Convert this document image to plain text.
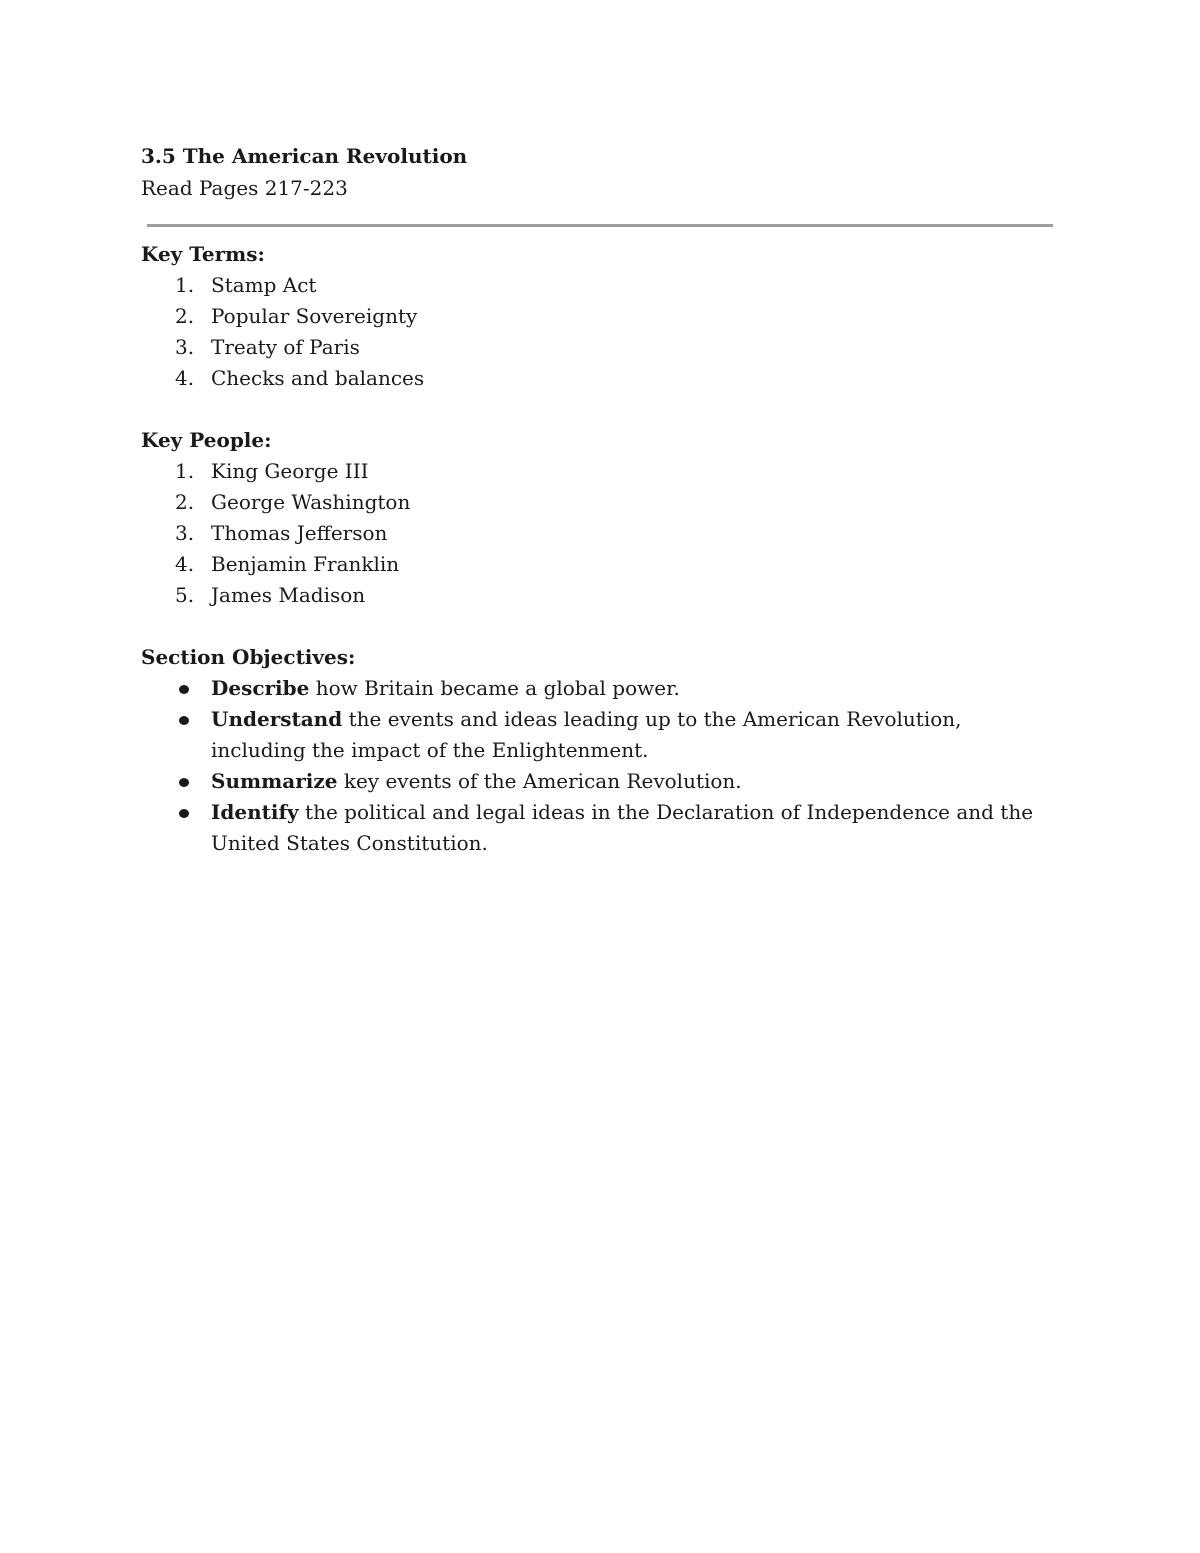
3.5 The American Revolution

Read Pages 217-223

Key Terms:

1. Stamp Act
2. Popular Sovereignty
3. Treaty of Paris
4. Checks and balances

Key People:

1. King George III
2. George Washington
3. Thomas Jefferson
4. Benjamin Franklin
5. James Madison

Section Objectives:

Describe how Britain became a global power.
Understand the events and ideas leading up to the American Revolution, including the impact of the Enlightenment.
Summarize key events of the American Revolution.
Identify the political and legal ideas in the Declaration of Independence and the United States Constitution.
